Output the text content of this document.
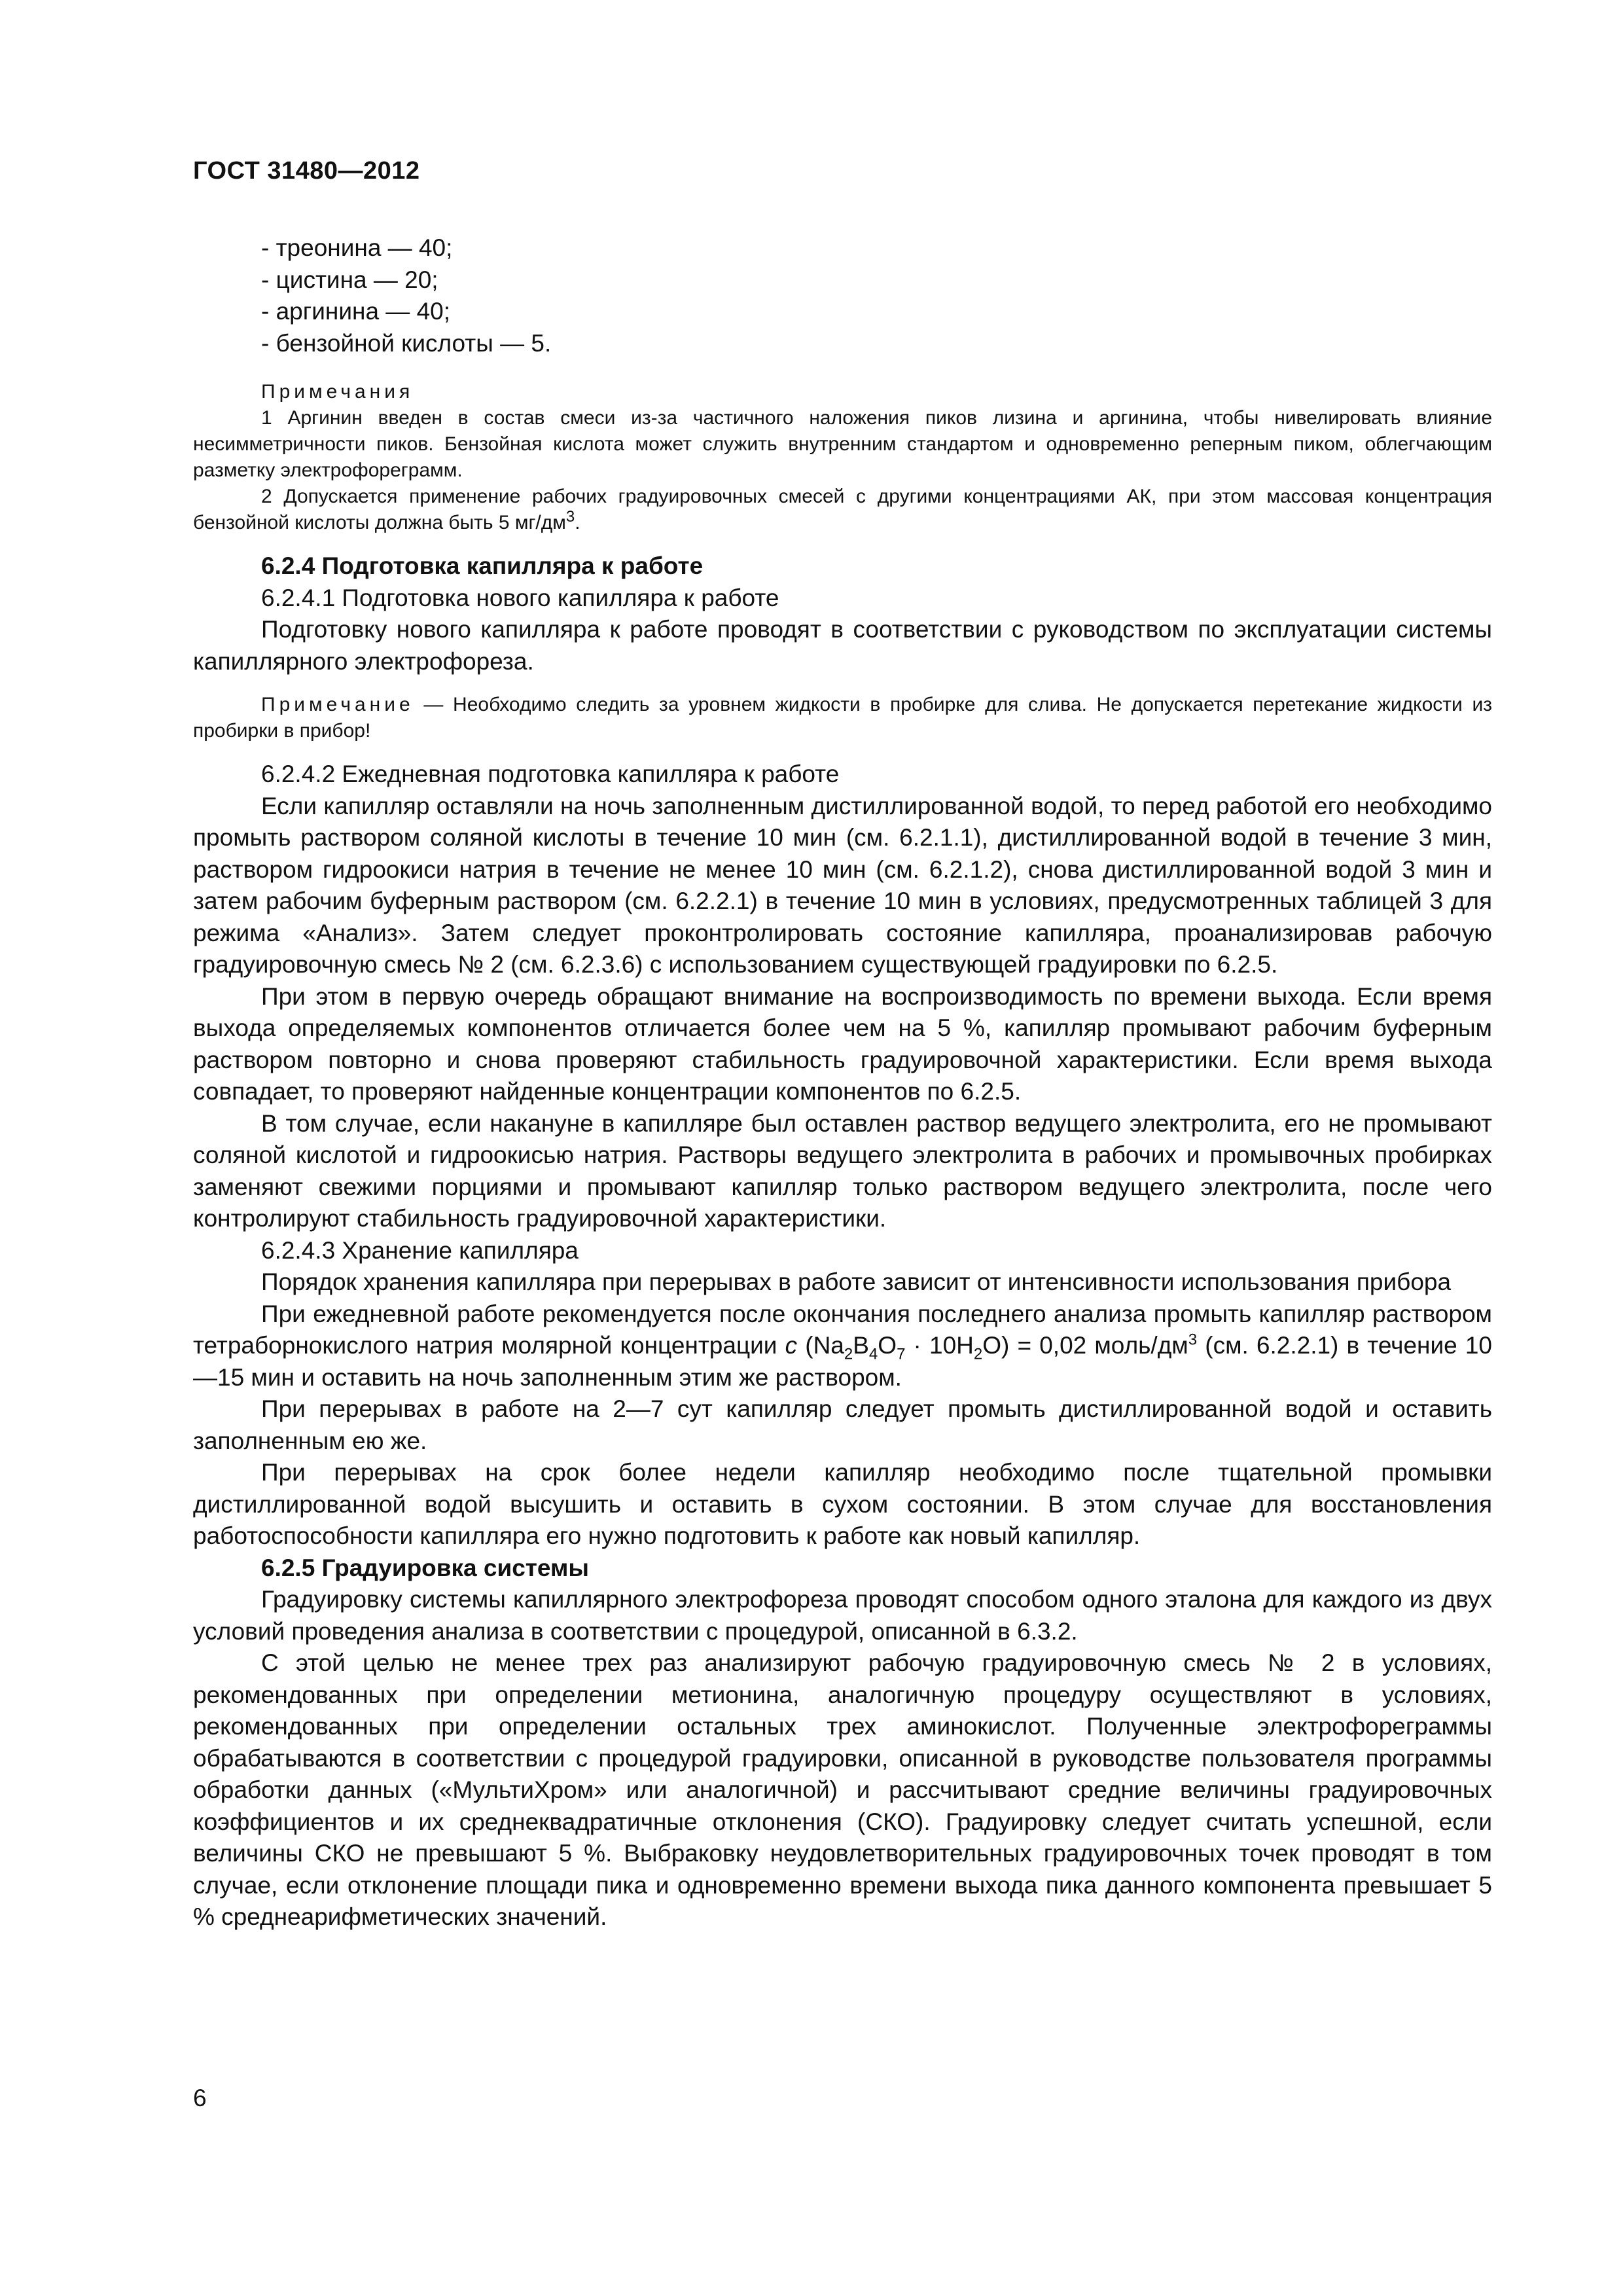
ГОСТ 31480—2012
- треонина — 40;
- цистина — 20;
- аргинина — 40;
- бензойной кислоты — 5.

Примечания

1 Аргинин введен в состав смеси из-за частичного наложения пиков лизина и аргинина, чтобы нивелировать влияние несимметричности пиков. Бензойная кислота может служить внутренним стандартом и одновременно реперным пиком, облегчающим разметку электрофореграмм.

2 Допускается применение рабочих градуировочных смесей с другими концентрациями АК, при этом массовая концентрация бензойной кислоты должна быть 5 $мг/дм^3$.

6.2.4 Подготовка капилляра к работе

6.2.4.1 Подготовка нового капилляра к работе

Подготовку нового капилляра к работе проводят в соответствии с руководством по эксплуатации системы капиллярного электрофореза.

Примечание — Необходимо следить за уровнем жидкости в пробирке для слива. Не допускается перетекание жидкости из пробирки в прибор!

6.2.4.2 Ежедневная подготовка капилляра к работе

Если капилляр оставляли на ночь заполненным дистиллированной водой, то перед работой его необходимо промыть раствором соляной кислоты в течение 10 мин (см. 6.2.1.1), дистиллированной водой в течение 3 мин, раствором гидроокиси натрия в течение не менее 10 мин (см. 6.2.1.2), снова дистиллированной водой 3 мин и затем рабочим буферным раствором (см. 6.2.2.1) в течение 10 мин в условиях, предусмотренных таблицей 3 для режима «Анализ». Затем следует проконтролировать состояние капилляра, проанализировав рабочую градуировочную смесь № 2 (см. 6.2.3.6) с использованием существующей градуировки по 6.2.5.

При этом в первую очередь обращают внимание на воспроизводимость по времени выхода. Если время выхода определяемых компонентов отличается более чем на 5 %, капилляр промывают рабочим буферным раствором повторно и снова проверяют стабильность градуировочной характеристики. Если время выхода совпадает, то проверяют найденные концентрации компонентов по 6.2.5.

В том случае, если накануне в капилляре был оставлен раствор ведущего электролита, его не промывают соляной кислотой и гидроокисью натрия. Растворы ведущего электролита в рабочих и промывочных пробирках заменяют свежими порциями и промывают капилляр только раствором ведущего электролита, после чего контролируют стабильность градуировочной характеристики.

6.2.4.3 Хранение капилляра

Порядок хранения капилляра при перерывах в работе зависит от интенсивности использования прибора

При ежедневной работе рекомендуется после окончания последнего анализа промыть капилляр раствором тетраборнокислого натрия молярной концентрации c $(Na_2B_4O_7 \cdot 10H_2O) = 0,02$ моль/$дм^3$ (см. 6.2.2.1) в течение 10—15 мин и оставить на ночь заполненным этим же раствором.

При перерывах в работе на 2—7 сут капилляр следует промыть дистиллированной водой и оставить заполненным ею же.

При перерывах на срок более недели капилляр необходимо после тщательной промывки дистиллированной водой высушить и оставить в сухом состоянии. В этом случае для восстановления работоспособности капилляра его нужно подготовить к работе как новый капилляр.

6.2.5 Градуировка системы

Градуировку системы капиллярного электрофореза проводят способом одного эталона для каждого из двух условий проведения анализа в соответствии с процедурой, описанной в 6.3.2.

С этой целью не менее трех раз анализируют рабочую градуировочную смесь № 2 в условиях, рекомендованных при определении метионина, аналогичную процедуру осуществляют в условиях, рекомендованных при определении остальных трех аминокислот. Полученные электрофореграммы обрабатываются в соответствии с процедурой градуировки, описанной в руководстве пользователя программы обработки данных («МультиХром» или аналогичной) и рассчитывают средние величины градуировочных коэффициентов и их среднеквадратичные отклонения (СКО). Градуировку следует считать успешной, если величины СКО не превышают 5 %. Выбраковку неудовлетворительных градуировочных точек проводят в том случае, если отклонение площади пика и одновременно времени выхода пика данного компонента превышает 5 % среднеарифметических значений.

6
